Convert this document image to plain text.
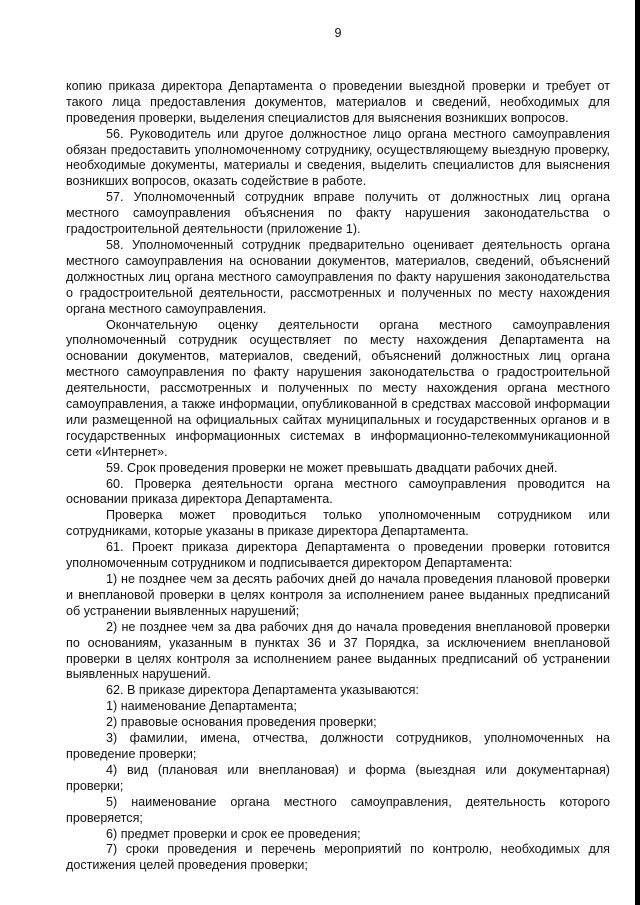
9

копию приказа директора Департамента о проведении выездной проверки и требует от такого лица предоставления документов, материалов и сведений, необходимых для проведения проверки, выделения специалистов для выяснения возникших вопросов.

56. Руководитель или другое должностное лицо органа местного самоуправления обязан предоставить уполномоченному сотруднику, осуществляющему выездную проверку, необходимые документы, материалы и сведения, выделить специалистов для выяснения возникших вопросов, оказать содействие в работе.

57. Уполномоченный сотрудник вправе получить от должностных лиц органа местного самоуправления объяснения по факту нарушения законодательства о градостроительной деятельности (приложение 1).

58. Уполномоченный сотрудник предварительно оценивает деятельность органа местного самоуправления на основании документов, материалов, сведений, объяснений должностных лиц органа местного самоуправления по факту нарушения законодательства о градостроительной деятельности, рассмотренных и полученных по месту нахождения органа местного самоуправления.

Окончательную оценку деятельности органа местного самоуправления уполномоченный сотрудник осуществляет по месту нахождения Департамента на основании документов, материалов, сведений, объяснений должностных лиц органа местного самоуправления по факту нарушения законодательства о градостроительной деятельности, рассмотренных и полученных по месту нахождения органа местного самоуправления, а также информации, опубликованной в средствах массовой информации или размещенной на официальных сайтах муниципальных и государственных органов и в государственных информационных системах в информационно-телекоммуникационной сети «Интернет».

59. Срок проведения проверки не может превышать двадцати рабочих дней.

60. Проверка деятельности органа местного самоуправления проводится на основании приказа директора Департамента.

Проверка может проводиться только уполномоченным сотрудником или сотрудниками, которые указаны в приказе директора Департамента.

61. Проект приказа директора Департамента о проведении проверки готовится уполномоченным сотрудником и подписывается директором Департамента:

1) не позднее чем за десять рабочих дней до начала проведения плановой проверки и внеплановой проверки в целях контроля за исполнением ранее выданных предписаний об устранении выявленных нарушений;

2) не позднее чем за два рабочих дня до начала проведения внеплановой проверки по основаниям, указанным в пунктах 36 и 37 Порядка, за исключением внеплановой проверки в целях контроля за исполнением ранее выданных предписаний об устранении выявленных нарушений.

62. В приказе директора Департамента указываются:

1) наименование Департамента;

2) правовые основания проведения проверки;

3) фамилии, имена, отчества, должности сотрудников, уполномоченных на проведение проверки;

4) вид (плановая или внеплановая) и форма (выездная или документарная) проверки;

5) наименование органа местного самоуправления, деятельность которого проверяется;

6) предмет проверки и срок ее проведения;

7) сроки проведения и перечень мероприятий по контролю, необходимых для достижения целей проведения проверки;
